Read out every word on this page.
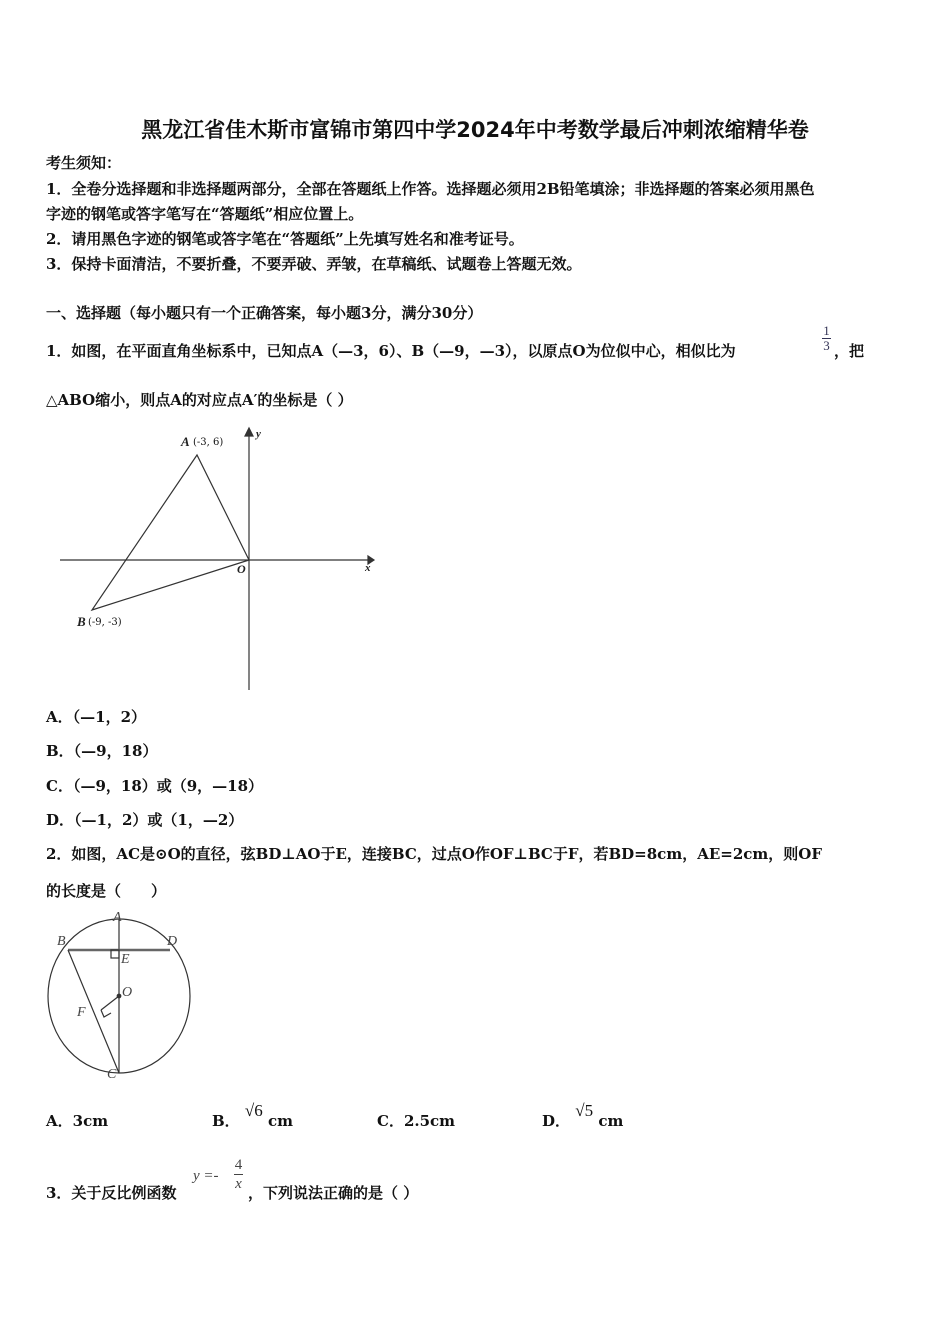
黑龙江省佳木斯市富锦市第四中学2024年中考数学最后冲刺浓缩精华卷
考生须知：
1．全卷分选择题和非选择题两部分，全部在答题纸上作答。选择题必须用2B铅笔填涂；非选择题的答案必须用黑色
字迹的钢笔或答字笔写在“答题纸”相应位置上。
2．请用黑色字迹的钢笔或答字笔在“答题纸”上先填写姓名和准考证号。
3．保持卡面清洁，不要折叠，不要弄破、弄皱，在草稿纸、试题卷上答题无效。
一、选择题（每小题只有一个正确答案，每小题3分，满分30分）
1．如图，在平面直角坐标系中，已知点A（—3，6）、B（—9，—3），以原点O为位似中心，相似比为
1
3 ，把
△ABO缩小，则点A的对应点A′的坐标是（ ）
A (-3, 6)
B (-9, -3)
O	x
y
A．（—1，2）
B．（—9，18）
C．（—9，18）或（9，—18）
D．（—1，2）或（1，—2）
2．如图，AC是⊙O的直径，弦BD⊥AO于E，连接BC，过点O作OF⊥BC于F，若BD=8cm，AE=2cm，则OF
的长度是（　　）
A
B	D
E
O
F
C
A．3cm	B． √6 cm	C．2.5cm	D． √5 cm
3．关于反比例函数
y =-
4
x ，下列说法正确的是（ ）
